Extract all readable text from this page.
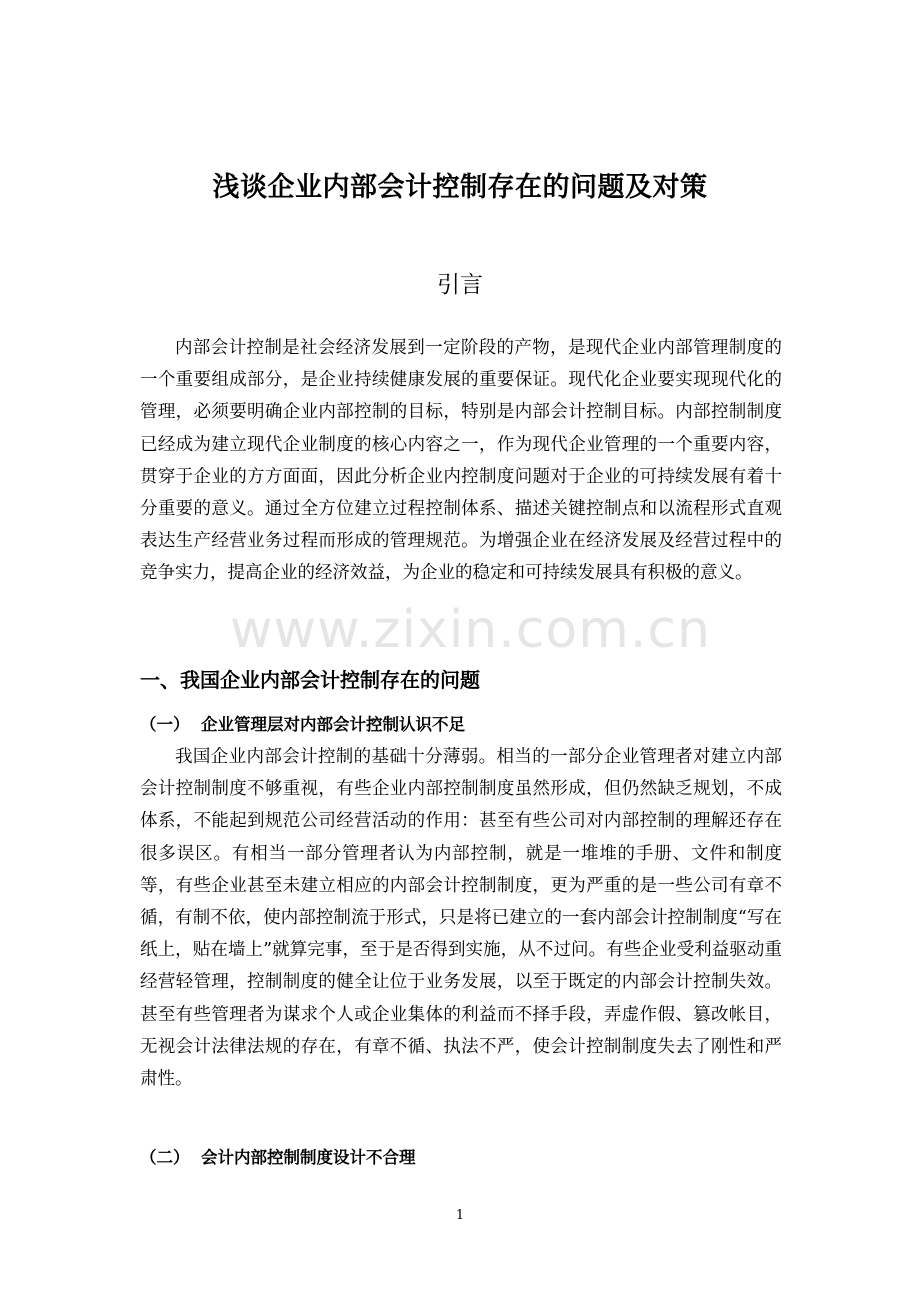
浅谈企业内部会计控制存在的问题及对策
引言

内部会计控制是社会经济发展到一定阶段的产物，是现代企业内部管理制度的一个重要组成部分，是企业持续健康发展的重要保证。现代化企业要实现现代化的管理，必须要明确企业内部控制的目标，特别是内部会计控制目标。内部控制制度已经成为建立现代企业制度的核心内容之一，作为现代企业管理的一个重要内容，贯穿于企业的方方面面，因此分析企业内控制度问题对于企业的可持续发展有着十分重要的意义。通过全方位建立过程控制体系、描述关键控制点和以流程形式直观表达生产经营业务过程而形成的管理规范。为增强企业在经济发展及经营过程中的竞争实力，提高企业的经济效益，为企业的稳定和可持续发展具有积极的意义。

www.zixin.com.cn
一、我国企业内部会计控制存在的问题
（一）  企业管理层对内部会计控制认识不足

我国企业内部会计控制的基础十分薄弱。相当的一部分企业管理者对建立内部会计控制制度不够重视，有些企业内部控制制度虽然形成，但仍然缺乏规划，不成体系，不能起到规范公司经营活动的作用：甚至有些公司对内部控制的理解还存在很多误区。有相当一部分管理者认为内部控制，就是一堆堆的手册、文件和制度等，有些企业甚至未建立相应的内部会计控制制度，更为严重的是一些公司有章不循，有制不依，使内部控制流于形式，只是将已建立的一套内部会计控制制度“写在纸上，贴在墙上”就算完事，至于是否得到实施，从不过问。有些企业受利益驱动重经营轻管理，控制制度的健全让位于业务发展，以至于既定的内部会计控制失效。甚至有些管理者为谋求个人或企业集体的利益而不择手段，弄虚作假、篡改帐目，无视会计法律法规的存在，有章不循、执法不严，使会计控制制度失去了刚性和严肃性。

（二）  会计内部控制制度设计不合理
1
